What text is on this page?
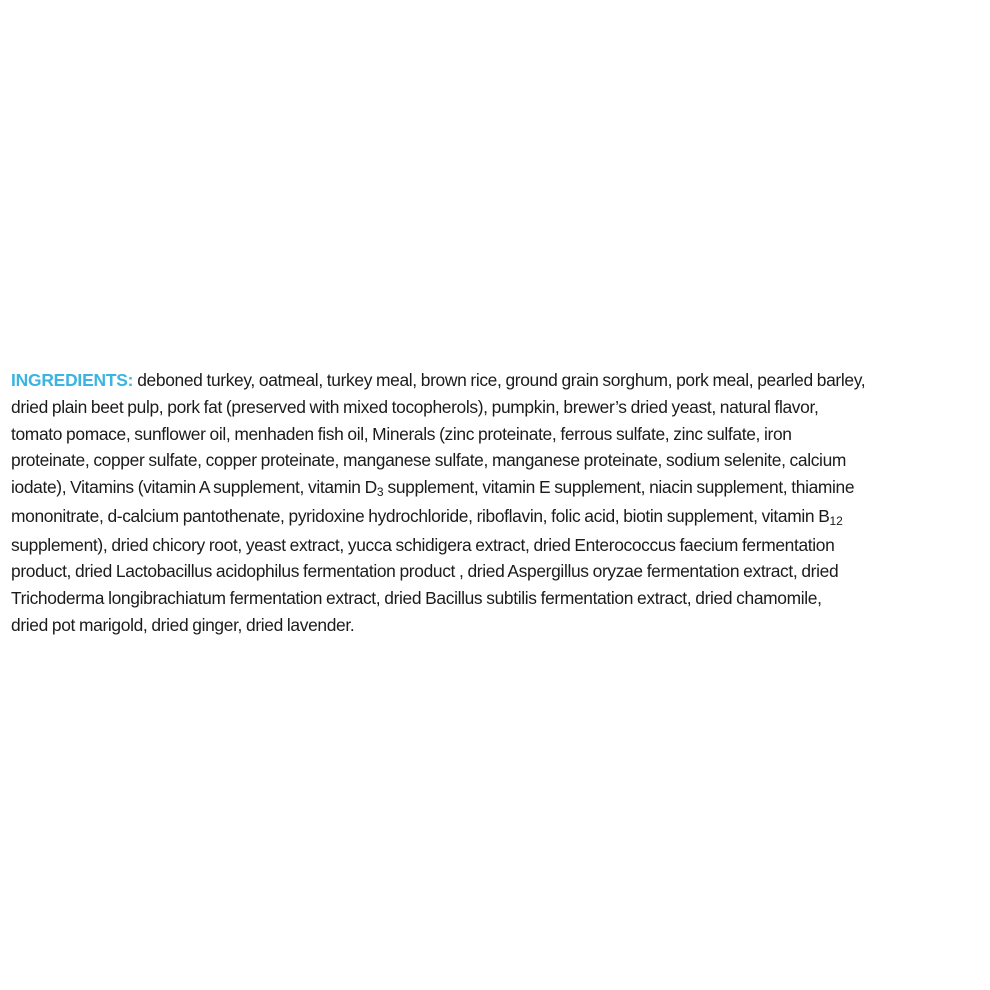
INGREDIENTS: deboned turkey, oatmeal, turkey meal, brown rice, ground grain sorghum, pork meal, pearled barley,
dried plain beet pulp, pork fat (preserved with mixed tocopherols), pumpkin, brewer’s dried yeast, natural flavor,
tomato pomace, sunflower oil, menhaden fish oil, Minerals (zinc proteinate, ferrous sulfate, zinc sulfate, iron
proteinate, copper sulfate, copper proteinate, manganese sulfate, manganese proteinate, sodium selenite, calcium
iodate), Vitamins (vitamin A supplement, vitamin $D_3$ supplement, vitamin E supplement, niacin supplement, thiamine
mononitrate, d-calcium pantothenate, pyridoxine hydrochloride, riboflavin, folic acid, biotin supplement, vitamin $B_{12}$
supplement), dried chicory root, yeast extract, yucca schidigera extract, dried Enterococcus faecium fermentation
product, dried Lactobacillus acidophilus fermentation product , dried Aspergillus oryzae fermentation extract, dried
Trichoderma longibrachiatum fermentation extract, dried Bacillus subtilis fermentation extract, dried chamomile,
dried pot marigold, dried ginger, dried lavender.
